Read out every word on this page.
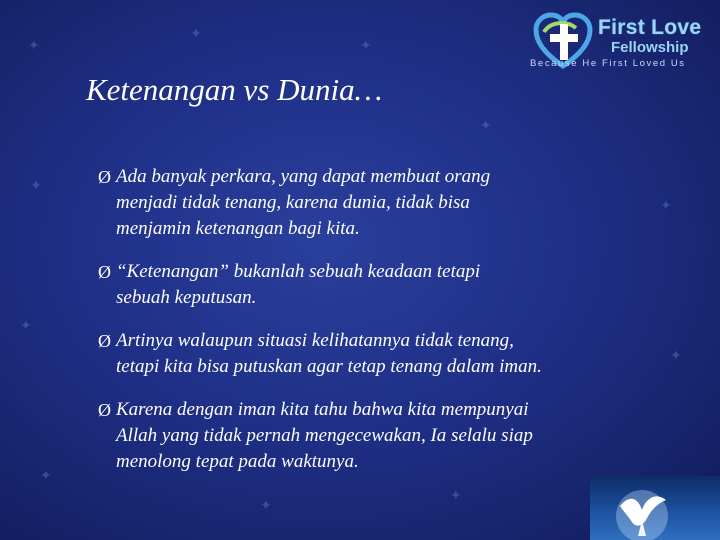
✦
✦
✦
✦
✦
✦
✦
✦
✦
✦
✦
First Love
Fellowship
Because He First Loved Us
Ketenangan vs Dunia…
Ø Ada banyak perkara, yang dapat membuat orang
menjadi tidak tenang, karena dunia, tidak bisa
menjamin ketenangan bagi kita.
Ø “Ketenangan” bukanlah sebuah keadaan tetapi
sebuah keputusan.
Ø Artinya walaupun situasi kelihatannya tidak tenang,
tetapi kita bisa putuskan agar tetap tenang dalam iman.
Ø Karena dengan iman kita tahu bahwa kita mempunyai
Allah yang tidak pernah mengecewakan, Ia selalu siap
menolong tepat pada waktunya.
